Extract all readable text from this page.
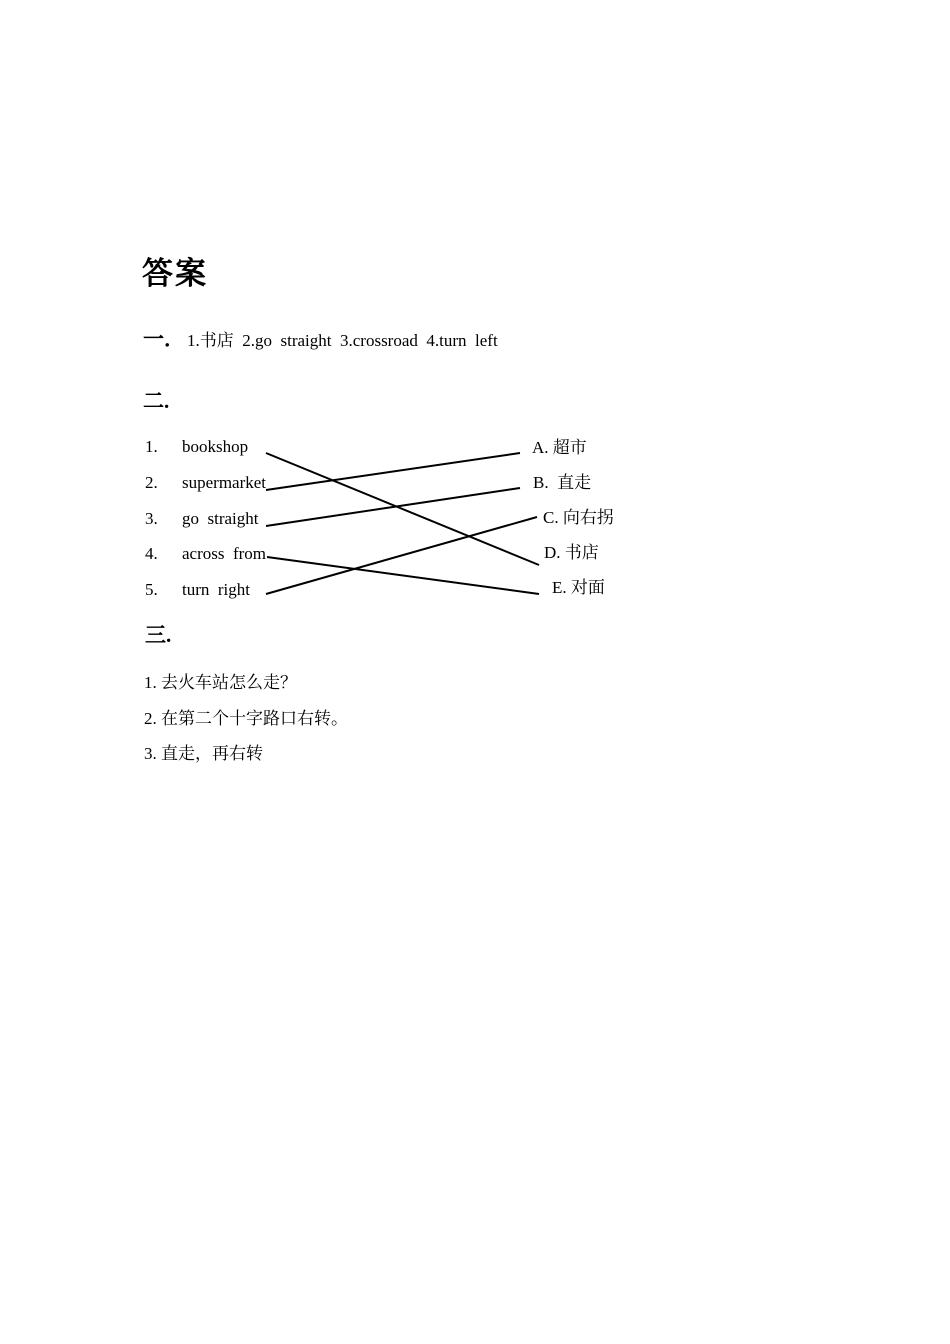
答案
一． 1.书店  2.go  straight  3.crossroad  4.turn  left
二.
1. bookshop
2. supermarket
3. go  straight
4. across  from
5. turn  right
A. 超市
B.  直走
C. 向右拐
D. 书店
E. 对面
三.
1. 去火车站怎么走？
2. 在第二个十字路口右转。
3. 直走，再右转
